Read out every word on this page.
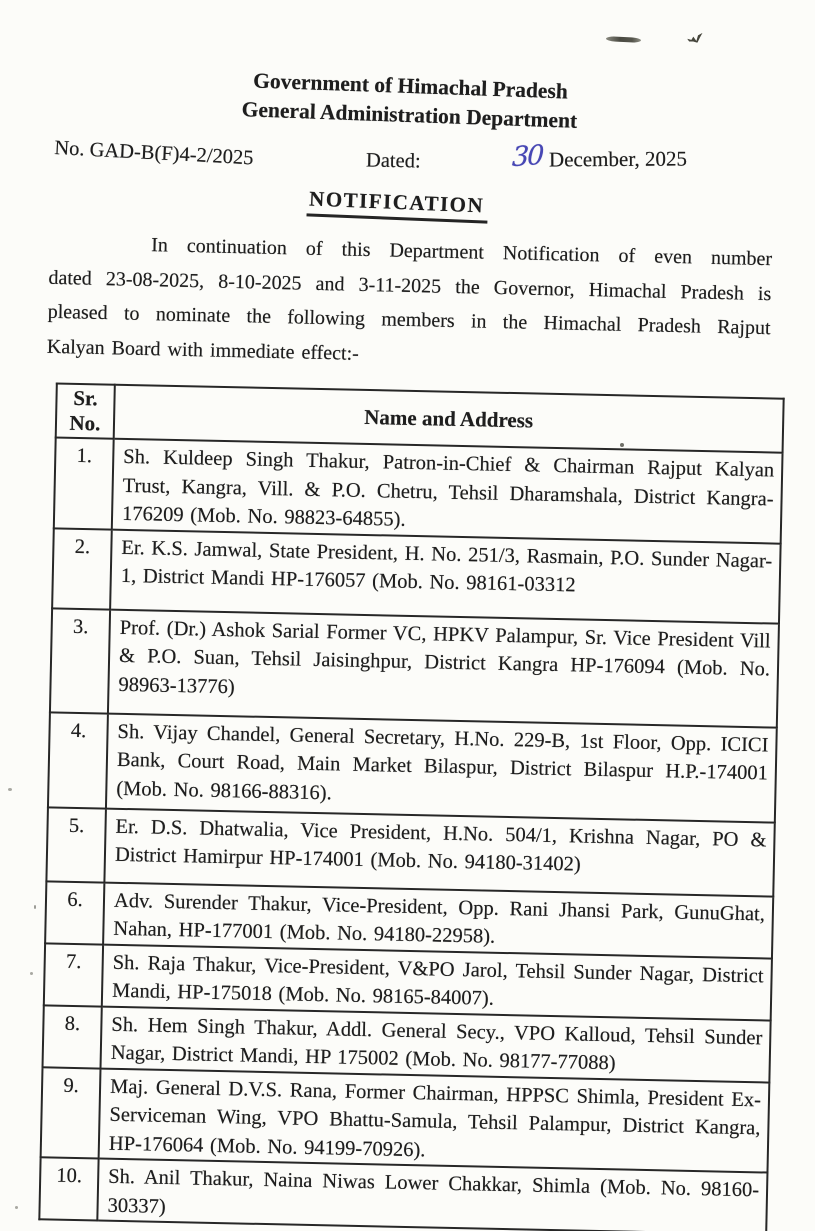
Government of Himachal Pradesh
General Administration Department
No. GAD-B(F)4-2/2025	Dated:	30 December, 2025
NOTIFICATION
In continuation of this Department Notification of even number
dated 23-08-2025, 8-10-2025 and 3-11-2025 the Governor, Himachal Pradesh is
pleased to nominate the following members in the Himachal Pradesh Rajput
Kalyan Board with immediate effect:-
Sr. No.	Name and Address
1.	Sh. Kuldeep Singh Thakur, Patron-in-Chief & Chairman Rajput Kalyan Trust, Kangra, Vill. & P.O. Chetru, Tehsil Dharamshala, District Kangra-176209 (Mob. No. 98823-64855).
2.	Er. K.S. Jamwal, State President, H. No. 251/3, Rasmain, P.O. Sunder Nagar-1, District Mandi HP-176057 (Mob. No. 98161-03312
3.	Prof. (Dr.) Ashok Sarial Former VC, HPKV Palampur, Sr. Vice President Vill & P.O. Suan, Tehsil Jaisinghpur, District Kangra HP-176094 (Mob. No. 98963-13776)
4.	Sh. Vijay Chandel, General Secretary, H.No. 229-B, 1st Floor, Opp. ICICI Bank, Court Road, Main Market Bilaspur, District Bilaspur H.P.-174001 (Mob. No. 98166-88316).
5.	Er. D.S. Dhatwalia, Vice President, H.No. 504/1, Krishna Nagar, PO & District Hamirpur HP-174001 (Mob. No. 94180-31402)
6.	Adv. Surender Thakur, Vice-President, Opp. Rani Jhansi Park, GunuGhat, Nahan, HP-177001 (Mob. No. 94180-22958).
7.	Sh. Raja Thakur, Vice-President, V&PO Jarol, Tehsil Sunder Nagar, District Mandi, HP-175018 (Mob. No. 98165-84007).
8.	Sh. Hem Singh Thakur, Addl. General Secy., VPO Kalloud, Tehsil Sunder Nagar, District Mandi, HP 175002 (Mob. No. 98177-77088)
9.	Maj. General D.V.S. Rana, Former Chairman, HPPSC Shimla, President Ex-Serviceman Wing, VPO Bhattu-Samula, Tehsil Palampur, District Kangra, HP-176064 (Mob. No. 94199-70926).
10.	Sh. Anil Thakur, Naina Niwas Lower Chakkar, Shimla (Mob. No. 98160-30337)
